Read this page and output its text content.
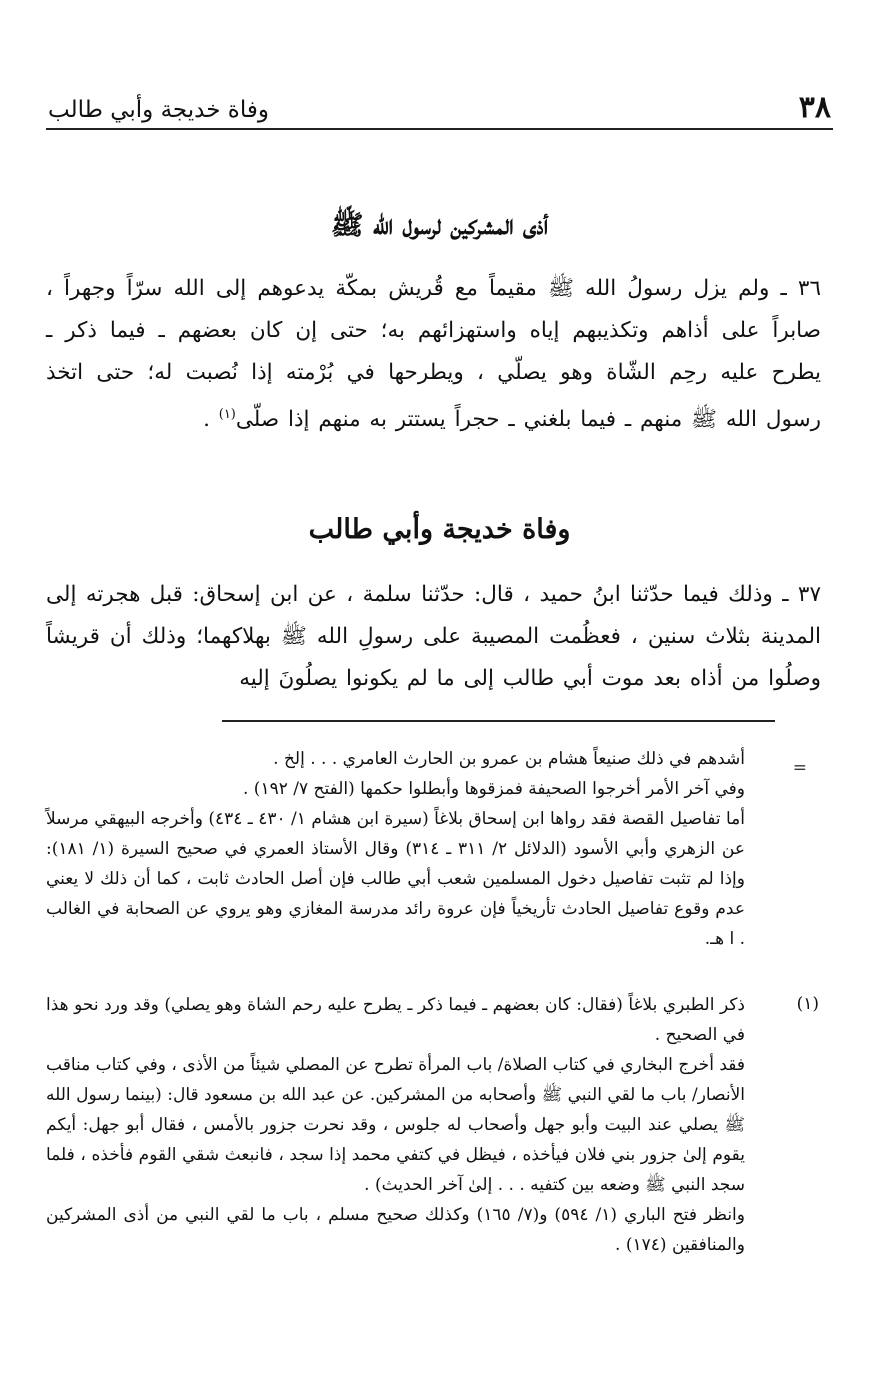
٣٨
وفاة خديجة وأبي طالب
أذى المشركين لرسول الله ﷺ
٣٦ ـ ولم يزل رسولُ الله ﷺ مقيماً مع قُريش بمكّة يدعوهم إلى الله سرّاً وجهراً ، صابراً على أذاهم وتكذيبهم إياه واستهزائهم به؛ حتى إن كان بعضهم ـ فيما ذكر ـ يطرح عليه رحِم الشّاة وهو يصلّي ، ويطرحها في بُرْمته إذا نُصبت له؛ حتى اتخذ رسول الله ﷺ منهم ـ فيما بلغني ـ حجراً يستتر به منهم إذا صلّى$^{(١)}$ .
وفاة خديجة وأبي طالب
٣٧ ـ وذلك فيما حدّثنا ابنُ حميد ، قال: حدّثنا سلمة ، عن ابن إسحاق: قبل هجرته إلى المدينة بثلاث سنين ، فعظُمت المصيبة على رسولِ الله ﷺ بهلاكهما؛ وذلك أن قريشاً وصلُوا من أذاه بعد موت أبي طالب إلى ما لم يكونوا يصلُونَ إليه
=
أشدهم في ذلك صنيعاً هشام بن عمرو بن الحارث العامري . . . إلخ .
وفي آخر الأمر أخرجوا الصحيفة فمزقوها وأبطلوا حكمها (الفتح ٧/ ١٩٢) .
أما تفاصيل القصة فقد رواها ابن إسحاق بلاغاً (سيرة ابن هشام ١/ ٤٣٠ ـ ٤٣٤) وأخرجه البيهقي مرسلاً عن الزهري وأبي الأسود (الدلائل ٢/ ٣١١ ـ ٣١٤) وقال الأستاذ العمري في صحيح السيرة (١/ ١٨١): وإذا لم تثبت تفاصيل دخول المسلمين شعب أبي طالب فإن أصل الحادث ثابت ، كما أن ذلك لا يعني عدم وقوع تفاصيل الحادث تأريخياً فإن عروة رائد مدرسة المغازي وهو يروي عن الصحابة في الغالب . ا هـ.
(١)
ذكر الطبري بلاغاً (فقال: كان بعضهم ـ فيما ذكر ـ يطرح عليه رحم الشاة وهو يصلي) وقد ورد نحو هذا في الصحيح .
فقد أخرج البخاري في كتاب الصلاة/ باب المرأة تطرح عن المصلي شيئاً من الأذى ، وفي كتاب مناقب الأنصار/ باب ما لقي النبي ﷺ وأصحابه من المشركين. عن عبد الله بن مسعود قال: (بينما رسول الله ﷺ يصلي عند البيت وأبو جهل وأصحاب له جلوس ، وقد نحرت جزور بالأمس ، فقال أبو جهل: أيكم يقوم إلىٰ جزور بني فلان فيأخذه ، فيظل في كتفي محمد إذا سجد ، فانبعث شقي القوم فأخذه ، فلما سجد النبي ﷺ وضعه بين كتفيه . . . إلىٰ آخر الحديث) .
وانظر فتح الباري (١/ ٥٩٤) و(٧/ ١٦٥) وكذلك صحيح مسلم ، باب ما لقي النبي من أذى المشركين والمنافقين (١٧٤) .
